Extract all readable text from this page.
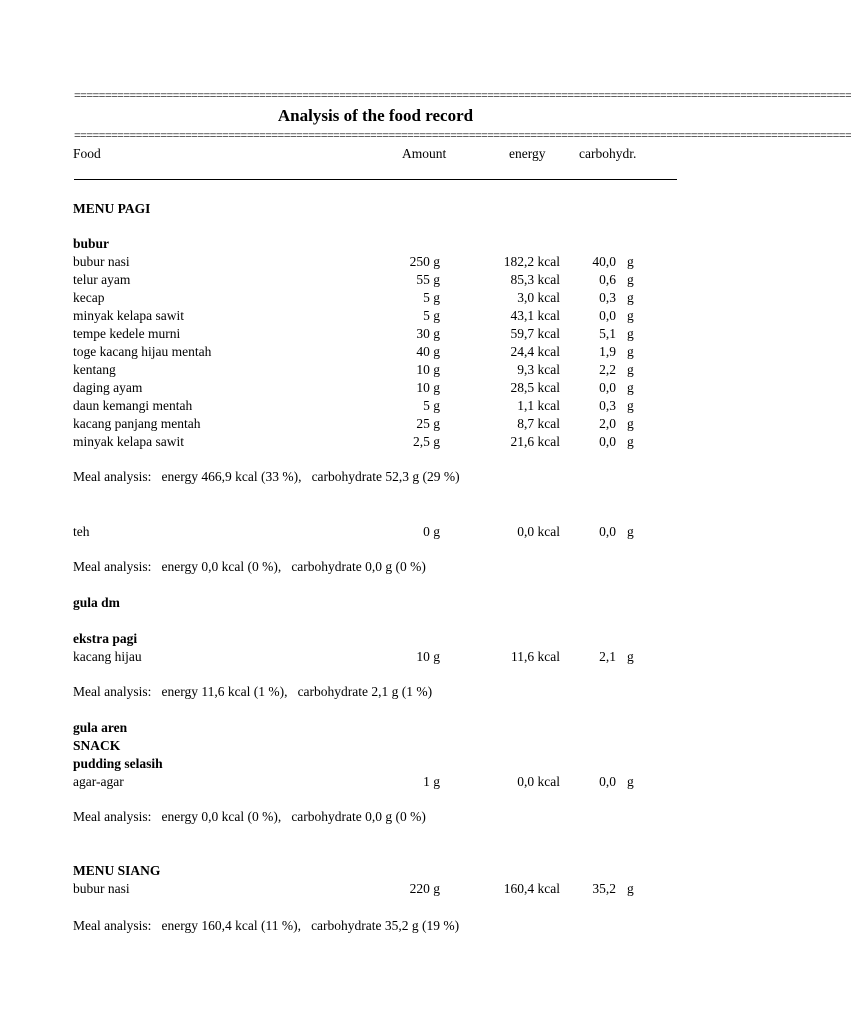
==============================================================================================================================
Analysis of the food record
==============================================================================================================================
Food	Amount	energy carbohydr.
MENU PAGI
bubur
bubur nasi	250 g	182,2 kcal 40,0 g
telur ayam	55 g	85,3 kcal	0,6 g
kecap	5 g	3,0 kcal	0,3 g
minyak kelapa sawit	5 g	43,1 kcal	0,0 g
tempe kedele murni	30 g	59,7 kcal	5,1 g
toge kacang hijau mentah	40 g	24,4 kcal	1,9 g
kentang	10 g	9,3 kcal	2,2 g
daging ayam	10 g	28,5 kcal	0,0 g
daun kemangi mentah	5 g	1,1 kcal	0,3 g
kacang panjang mentah	25 g	8,7 kcal	2,0 g
minyak kelapa sawit	2,5 g	21,6 kcal	0,0 g
Meal analysis:   energy 466,9 kcal (33 %),   carbohydrate 52,3 g (29 %)
teh	0 g	0,0 kcal	0,0 g
Meal analysis:   energy 0,0 kcal (0 %),   carbohydrate 0,0 g (0 %)
gula dm
ekstra pagi
kacang hijau	10 g	11,6 kcal	2,1 g
Meal analysis:   energy 11,6 kcal (1 %),   carbohydrate 2,1 g (1 %)
gula aren
SNACK
pudding selasih
agar-agar	1 g	0,0 kcal	0,0 g
Meal analysis:   energy 0,0 kcal (0 %),   carbohydrate 0,0 g (0 %)
MENU SIANG
bubur nasi	220 g	160,4 kcal 35,2 g
Meal analysis:   energy 160,4 kcal (11 %),   carbohydrate 35,2 g (19 %)
